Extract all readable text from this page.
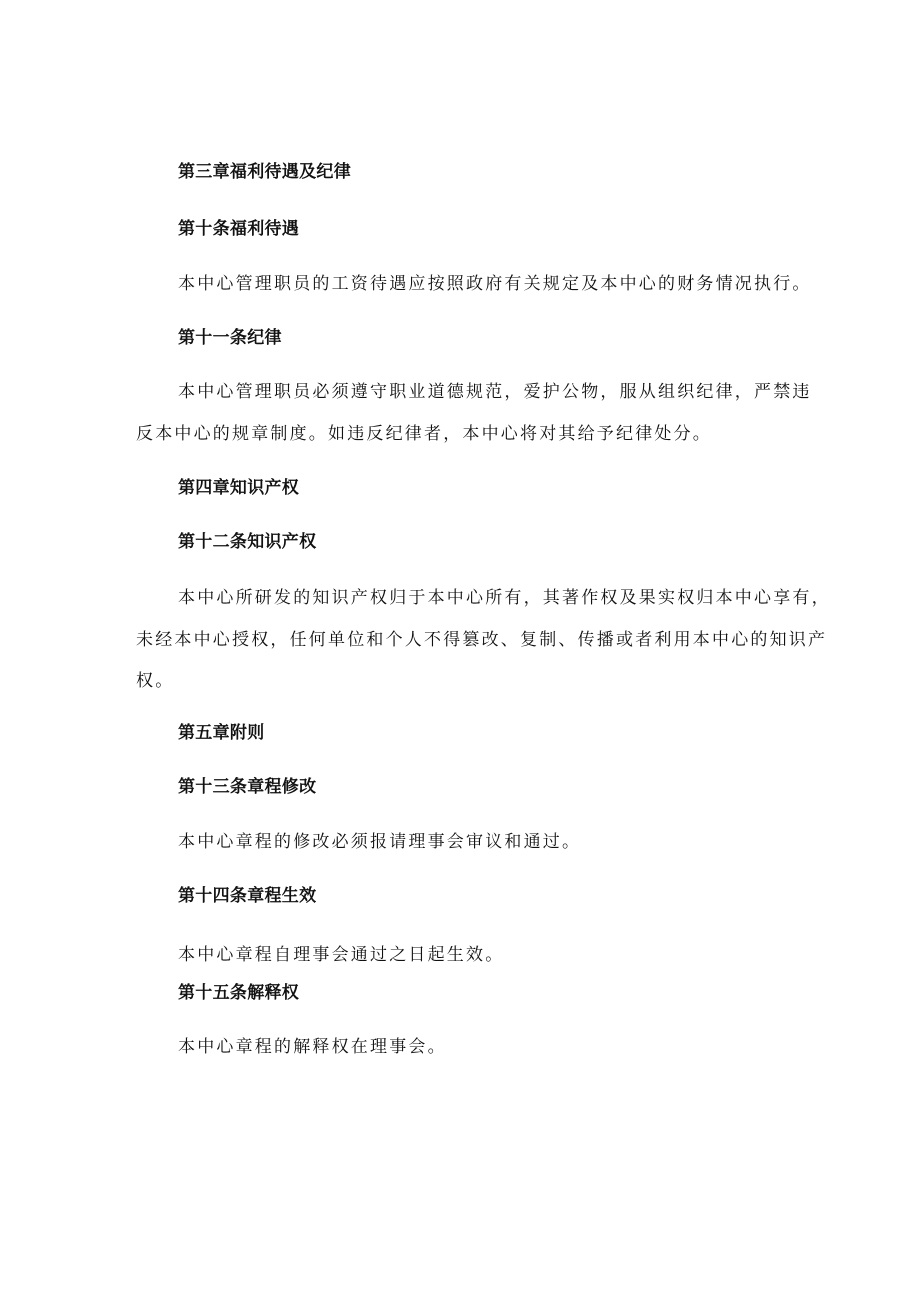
第三章福利待遇及纪律
第十条福利待遇
本中心管理职员的工资待遇应按照政府有关规定及本中心的财务情况执行。
第十一条纪律
本中心管理职员必须遵守职业道德规范，爱护公物，服从组织纪律，严禁违
反本中心的规章制度。如违反纪律者，本中心将对其给予纪律处分。
第四章知识产权
第十二条知识产权
本中心所研发的知识产权归于本中心所有，其著作权及果实权归本中心享有，
未经本中心授权，任何单位和个人不得篡改、复制、传播或者利用本中心的知识产
权。
第五章附则
第十三条章程修改
本中心章程的修改必须报请理事会审议和通过。
第十四条章程生效
本中心章程自理事会通过之日起生效。
第十五条解释权
本中心章程的解释权在理事会。
